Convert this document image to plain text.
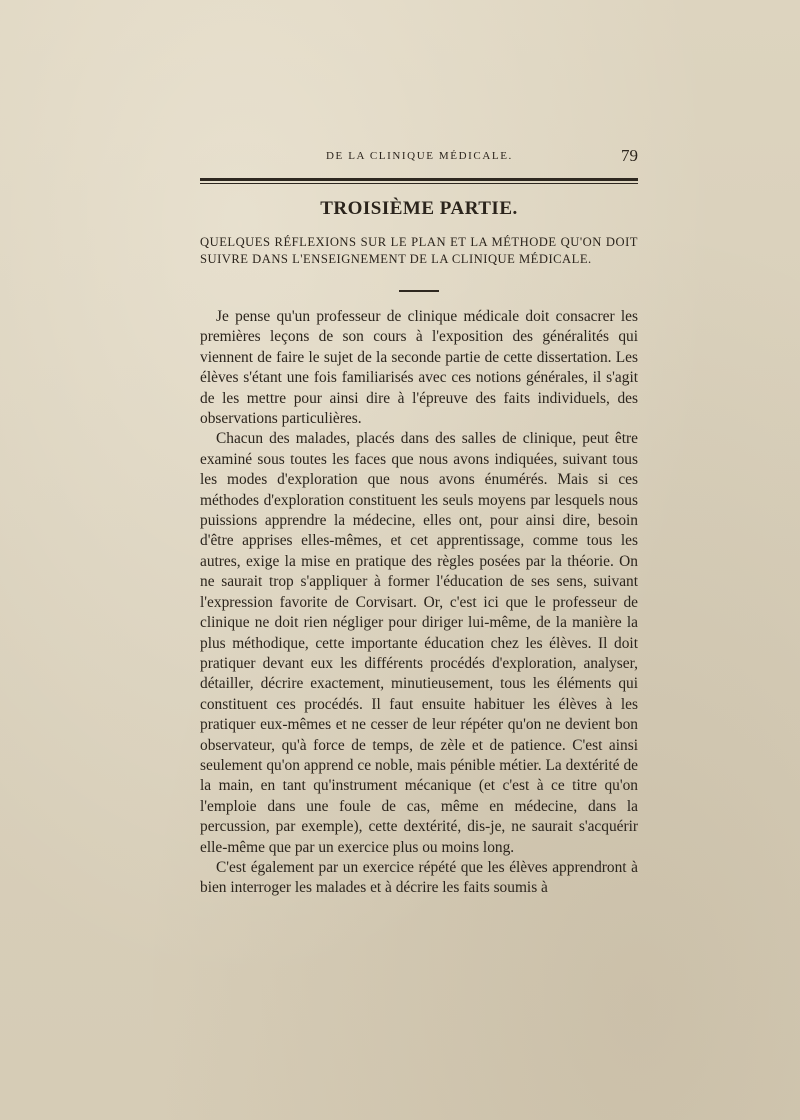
DE LA CLINIQUE MÉDICALE.	79
TROISIÈME PARTIE.
QUELQUES RÉFLEXIONS SUR LE PLAN ET LA MÉTHODE QU'ON DOIT SUIVRE DANS L'ENSEIGNEMENT DE LA CLINIQUE MÉDICALE.

Je pense qu'un professeur de clinique médicale doit consacrer les premières leçons de son cours à l'exposition des généralités qui viennent de faire le sujet de la seconde partie de cette dissertation. Les élèves s'étant une fois familiarisés avec ces notions générales, il s'agit de les mettre pour ainsi dire à l'épreuve des faits individuels, des observations particulières.

Chacun des malades, placés dans des salles de clinique, peut être examiné sous toutes les faces que nous avons indiquées, suivant tous les modes d'exploration que nous avons énumérés. Mais si ces méthodes d'exploration constituent les seuls moyens par lesquels nous puissions apprendre la médecine, elles ont, pour ainsi dire, besoin d'être apprises elles-mêmes, et cet apprentissage, comme tous les autres, exige la mise en pratique des règles posées par la théorie. On ne saurait trop s'appliquer à former l'éducation de ses sens, suivant l'expression favorite de Corvisart. Or, c'est ici que le professeur de clinique ne doit rien négliger pour diriger lui-même, de la manière la plus méthodique, cette importante éducation chez les élèves. Il doit pratiquer devant eux les différents procédés d'exploration, analyser, détailler, décrire exactement, minutieusement, tous les éléments qui constituent ces procédés. Il faut ensuite habituer les élèves à les pratiquer eux-mêmes et ne cesser de leur répéter qu'on ne devient bon observateur, qu'à force de temps, de zèle et de patience. C'est ainsi seulement qu'on apprend ce noble, mais pénible métier. La dextérité de la main, en tant qu'instrument mécanique (et c'est à ce titre qu'on l'emploie dans une foule de cas, même en médecine, dans la percussion, par exemple), cette dextérité, dis-je, ne saurait s'acquérir elle-même que par un exercice plus ou moins long.

C'est également par un exercice répété que les élèves apprendront à bien interroger les malades et à décrire les faits soumis à
